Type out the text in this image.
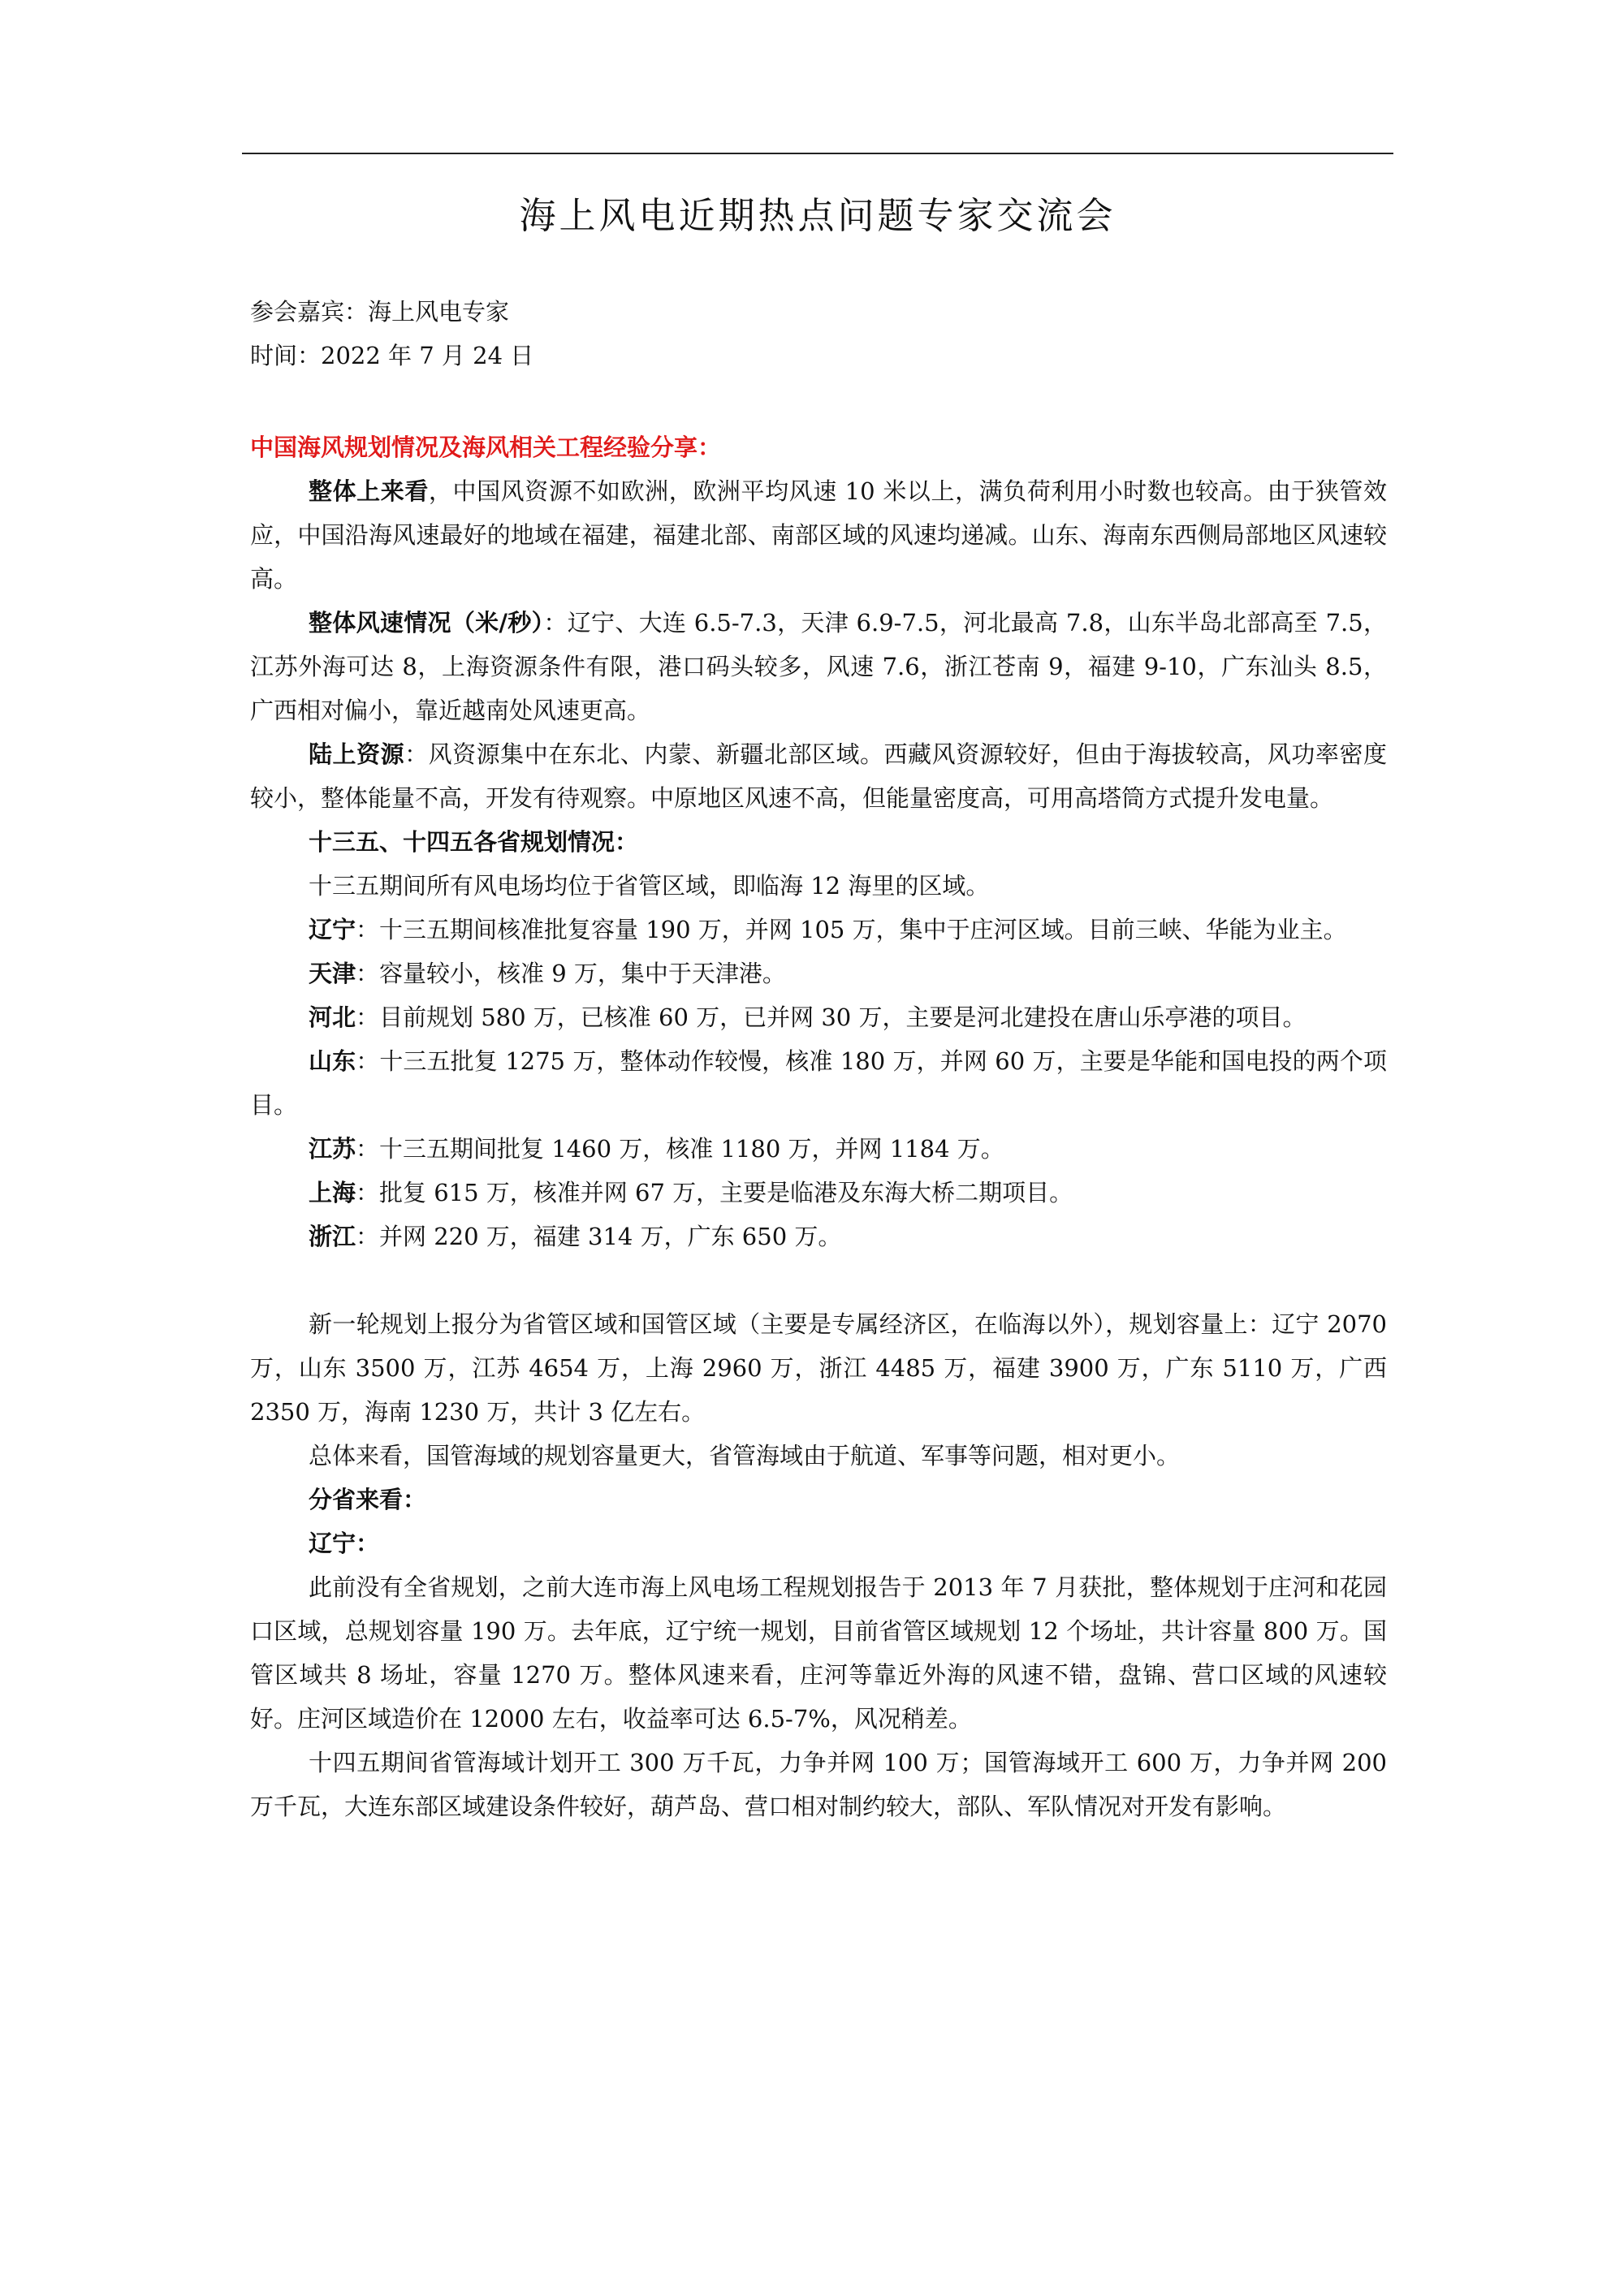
海上风电近期热点问题专家交流会
参会嘉宾：海上风电专家
时间：2022 年 7 月 24 日

中国海风规划情况及海风相关工程经验分享：

整体上来看，中国风资源不如欧洲，欧洲平均风速 10 米以上，满负荷利用小时数也较高。由于狭管效应，中国沿海风速最好的地域在福建，福建北部、南部区域的风速均递减。山东、海南东西侧局部地区风速较高。

整体风速情况（米/秒）：辽宁、大连 6.5-7.3，天津 6.9-7.5，河北最高 7.8，山东半岛北部高至 7.5，江苏外海可达 8，上海资源条件有限，港口码头较多，风速 7.6，浙江苍南 9，福建 9-10，广东汕头 8.5，广西相对偏小，靠近越南处风速更高。

陆上资源：风资源集中在东北、内蒙、新疆北部区域。西藏风资源较好，但由于海拔较高，风功率密度较小，整体能量不高，开发有待观察。中原地区风速不高，但能量密度高，可用高塔筒方式提升发电量。

十三五、十四五各省规划情况：

十三五期间所有风电场均位于省管区域，即临海 12 海里的区域。

辽宁：十三五期间核准批复容量 190 万，并网 105 万，集中于庄河区域。目前三峡、华能为业主。

天津：容量较小，核准 9 万，集中于天津港。

河北：目前规划 580 万，已核准 60 万，已并网 30 万，主要是河北建投在唐山乐亭港的项目。

山东：十三五批复 1275 万，整体动作较慢，核准 180 万，并网 60 万，主要是华能和国电投的两个项目。

江苏：十三五期间批复 1460 万，核准 1180 万，并网 1184 万。

上海：批复 615 万，核准并网 67 万，主要是临港及东海大桥二期项目。

浙江：并网 220 万，福建 314 万，广东 650 万。

新一轮规划上报分为省管区域和国管区域（主要是专属经济区，在临海以外），规划容量上：辽宁 2070 万，山东 3500 万，江苏 4654 万，上海 2960 万，浙江 4485 万，福建 3900 万，广东 5110 万，广西 2350 万，海南 1230 万，共计 3 亿左右。

总体来看，国管海域的规划容量更大，省管海域由于航道、军事等问题，相对更小。

分省来看：

辽宁：

此前没有全省规划，之前大连市海上风电场工程规划报告于 2013 年 7 月获批，整体规划于庄河和花园口区域，总规划容量 190 万。去年底，辽宁统一规划，目前省管区域规划 12 个场址，共计容量 800 万。国管区域共 8 场址，容量 1270 万。整体风速来看，庄河等靠近外海的风速不错，盘锦、营口区域的风速较好。庄河区域造价在 12000 左右，收益率可达 6.5-7%，风况稍差。

十四五期间省管海域计划开工 300 万千瓦，力争并网 100 万；国管海域开工 600 万，力争并网 200 万千瓦，大连东部区域建设条件较好，葫芦岛、营口相对制约较大，部队、军队情况对开发有影响。
